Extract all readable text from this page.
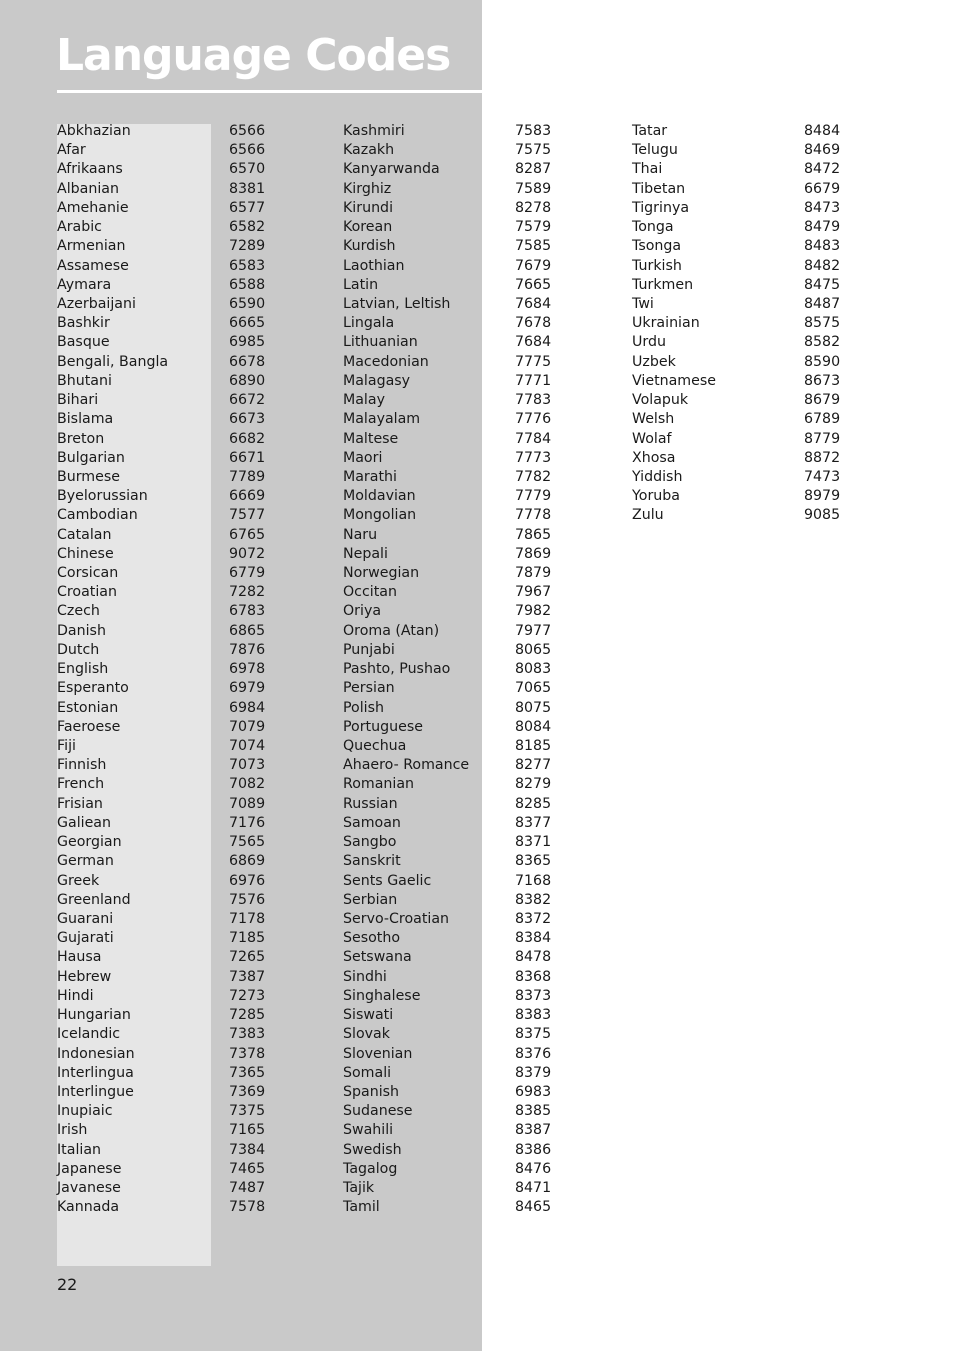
Language Codes
Abkhazian	6566
Afar	6566
Afrikaans	6570
Albanian	8381
Amehanie	6577
Arabic	6582
Armenian	7289
Assamese	6583
Aymara	6588
Azerbaijani	6590
Bashkir	6665
Basque	6985
Bengali, Bangla	6678
Bhutani	6890
Bihari	6672
Bislama	6673
Breton	6682
Bulgarian	6671
Burmese	7789
Byelorussian	6669
Cambodian	7577
Catalan	6765
Chinese	9072
Corsican	6779
Croatian	7282
Czech	6783
Danish	6865
Dutch	7876
English	6978
Esperanto	6979
Estonian	6984
Faeroese	7079
Fiji	7074
Finnish	7073
French	7082
Frisian	7089
Galiean	7176
Georgian	7565
German	6869
Greek	6976
Greenland	7576
Guarani	7178
Gujarati	7185
Hausa	7265
Hebrew	7387
Hindi	7273
Hungarian	7285
Icelandic	7383
Indonesian	7378
Interlingua	7365
Interlingue	7369
Inupiaic	7375
Irish	7165
Italian	7384
Japanese	7465
Javanese	7487
Kannada	7578
Kashmiri	7583
Kazakh	7575
Kanyarwanda	8287
Kirghiz	7589
Kirundi	8278
Korean	7579
Kurdish	7585
Laothian	7679
Latin	7665
Latvian, Leltish	7684
Lingala	7678
Lithuanian	7684
Macedonian	7775
Malagasy	7771
Malay	7783
Malayalam	7776
Maltese	7784
Maori	7773
Marathi	7782
Moldavian	7779
Mongolian	7778
Naru	7865
Nepali	7869
Norwegian	7879
Occitan	7967
Oriya	7982
Oroma (Atan)	7977
Punjabi	8065
Pashto, Pushao	8083
Persian	7065
Polish	8075
Portuguese	8084
Quechua	8185
Ahaero- Romance	8277
Romanian	8279
Russian	8285
Samoan	8377
Sangbo	8371
Sanskrit	8365
Sents Gaelic	7168
Serbian	8382
Servo-Croatian	8372
Sesotho	8384
Setswana	8478
Sindhi	8368
Singhalese	8373
Siswati	8383
Slovak	8375
Slovenian	8376
Somali	8379
Spanish	6983
Sudanese	8385
Swahili	8387
Swedish	8386
Tagalog	8476
Tajik	8471
Tamil	8465
Tatar	8484
Telugu	8469
Thai	8472
Tibetan	6679
Tigrinya	8473
Tonga	8479
Tsonga	8483
Turkish	8482
Turkmen	8475
Twi	8487
Ukrainian	8575
Urdu	8582
Uzbek	8590
Vietnamese	8673
Volapuk	8679
Welsh	6789
Wolaf	8779
Xhosa	8872
Yiddish	7473
Yoruba	8979
Zulu	9085
22
